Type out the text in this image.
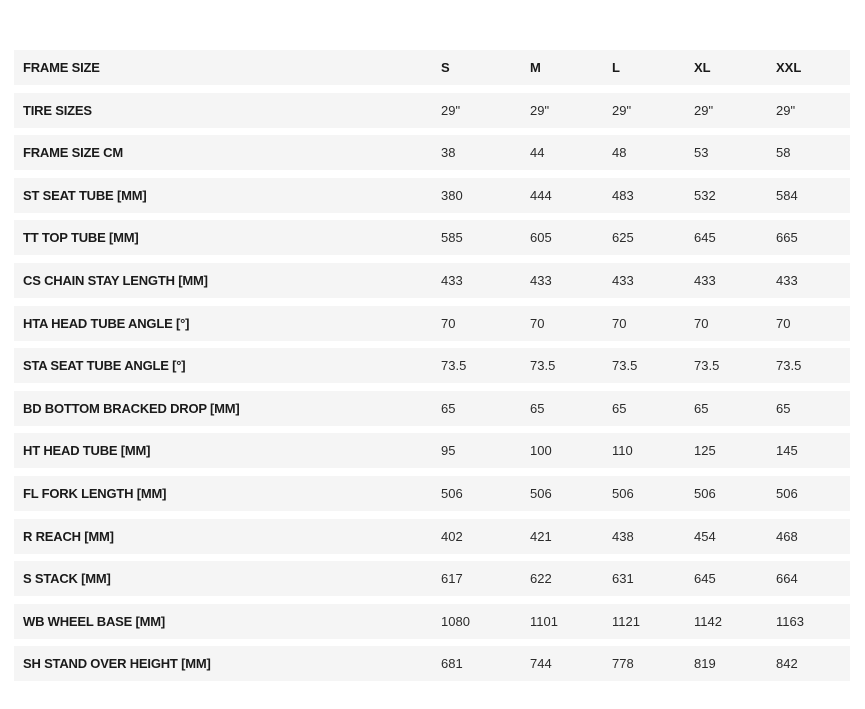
FRAME SIZE	S	M	L	XL	XXL
TIRE SIZES	29"	29"	29"	29"	29"
FRAME SIZE CM	38	44	48	53	58
ST SEAT TUBE [MM]	380	444	483	532	584
TT TOP TUBE [MM]	585	605	625	645	665
CS CHAIN STAY LENGTH [MM]	433	433	433	433	433
HTA HEAD TUBE ANGLE [°]	70	70	70	70	70
STA SEAT TUBE ANGLE [°]	73.5	73.5	73.5	73.5	73.5
BD BOTTOM BRACKED DROP [MM]	65	65	65	65	65
HT HEAD TUBE [MM]	95	100	110	125	145
FL FORK LENGTH [MM]	506	506	506	506	506
R REACH [MM]	402	421	438	454	468
S STACK [MM]	617	622	631	645	664
WB WHEEL BASE [MM]	1080	1101	1121	1142	1163
SH STAND OVER HEIGHT [MM]	681	744	778	819	842
